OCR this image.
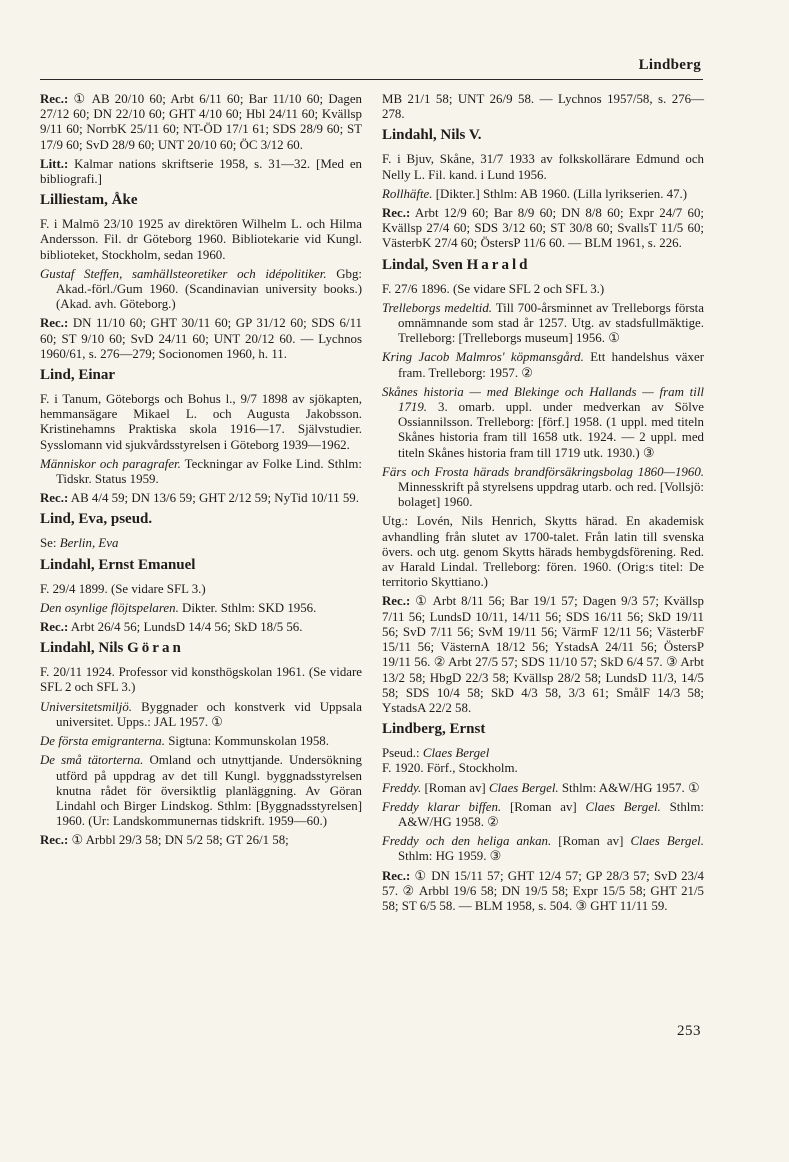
Lindberg

Rec.: ① AB 20/10 60; Arbt 6/11 60; Bar 11/10 60; Dagen 27/12 60; DN 22/10 60; GHT 4/10 60; Hbl 24/11 60; Kvällsp 9/11 60; NorrbK 25/11 60; NT-ÖD 17/1 61; SDS 28/9 60; ST 17/9 60; SvD 28/9 60; UNT 20/10 60; ÖC 3/12 60.

Litt.: Kalmar nations skriftserie 1958, s. 31—32. [Med en bibliografi.]

Lilliestam, Åke

F. i Malmö 23/10 1925 av direktören Wilhelm L. och Hilma Andersson. Fil. dr Göteborg 1960. Bibliotekarie vid Kungl. biblioteket, Stockholm, sedan 1960.

Gustaf Steffen, samhällsteoretiker och idépolitiker. Gbg: Akad.-förl./Gum 1960. (Scandinavian university books.) (Akad. avh. Göteborg.)

Rec.: DN 11/10 60; GHT 30/11 60; GP 31/12 60; SDS 6/11 60; ST 9/10 60; SvD 24/11 60; UNT 20/12 60. — Lychnos 1960/61, s. 276—279; Socionomen 1960, h. 11.

Lind, Einar

F. i Tanum, Göteborgs och Bohus l., 9/7 1898 av sjökapten, hemmansägare Mikael L. och Augusta Jakobsson. Kristinehamns Praktiska skola 1916—17. Självstudier. Sysslomann vid sjukvårdsstyrelsen i Göteborg 1939—1962.

Människor och paragrafer. Teckningar av Folke Lind. Sthlm: Tidskr. Status 1959.

Rec.: AB 4/4 59; DN 13/6 59; GHT 2/12 59; NyTid 10/11 59.

Lind, Eva, pseud.

Se: Berlin, Eva

Lindahl, Ernst Emanuel

F. 29/4 1899. (Se vidare SFL 3.)

Den osynlige flöjtspelaren. Dikter. Sthlm: SKD 1956.

Rec.: Arbt 26/4 56; LundsD 14/4 56; SkD 18/5 56.

Lindahl, Nils Göran

F. 20/11 1924. Professor vid konsthögskolan 1961. (Se vidare SFL 2 och SFL 3.)

Universitetsmiljö. Byggnader och konstverk vid Uppsala universitet. Upps.: JAL 1957. ①

De första emigranterna. Sigtuna: Kommunskolan 1958.

De små tätorterna. Omland och utnyttjande. Undersökning utförd på uppdrag av det till Kungl. byggnadsstyrelsen knutna rådet för översiktlig planläggning. Av Göran Lindahl och Birger Lindskog. Sthlm: [Byggnadsstyrelsen] 1960. (Ur: Landskommunernas tidskrift. 1959—60.)

Rec.: ① Arbbl 29/3 58; DN 5/2 58; GT 26/1 58;

MB 21/1 58; UNT 26/9 58. — Lychnos 1957/58, s. 276—278.

Lindahl, Nils V.

F. i Bjuv, Skåne, 31/7 1933 av folkskollärare Edmund och Nelly L. Fil. kand. i Lund 1956.

Rollhäfte. [Dikter.] Sthlm: AB 1960. (Lilla lyrikserien. 47.)

Rec.: Arbt 12/9 60; Bar 8/9 60; DN 8/8 60; Expr 24/7 60; Kvällsp 27/4 60; SDS 3/12 60; ST 30/8 60; SvallsT 11/5 60; VästerbK 27/4 60; ÖstersP 11/6 60. — BLM 1961, s. 226.

Lindal, Sven Harald

F. 27/6 1896. (Se vidare SFL 2 och SFL 3.)

Trelleborgs medeltid. Till 700-årsminnet av Trelleborgs första omnämnande som stad år 1257. Utg. av stadsfullmäktige. Trelleborg: [Trelleborgs museum] 1956. ①

Kring Jacob Malmros' köpmansgård. Ett handelshus växer fram. Trelleborg: 1957. ②

Skånes historia — med Blekinge och Hallands — fram till 1719. 3. omarb. uppl. under medverkan av Sölve Ossiannilsson. Trelleborg: [förf.] 1958. (1 uppl. med titeln Skånes historia fram till 1658 utk. 1924. — 2 uppl. med titeln Skånes historia fram till 1719 utk. 1930.) ③

Färs och Frosta härads brandförsäkringsbolag 1860—1960. Minnesskrift på styrelsens uppdrag utarb. och red. [Vollsjö: bolaget] 1960.

Utg.: Lovén, Nils Henrich, Skytts härad. En akademisk avhandling från slutet av 1700-talet. Från latin till svenska övers. och utg. genom Skytts härads hembygdsförening. Red. av Harald Lindal. Trelleborg: fören. 1960. (Orig:s titel: De territorio Skyttiano.)

Rec.: ① Arbt 8/11 56; Bar 19/1 57; Dagen 9/3 57; Kvällsp 7/11 56; LundsD 10/11, 14/11 56; SDS 16/11 56; SkD 19/11 56; SvD 7/11 56; SvM 19/11 56; VärmF 12/11 56; VästerbF 15/11 56; VästernA 18/12 56; YstadsA 24/11 56; ÖstersP 19/11 56. ② Arbt 27/5 57; SDS 11/10 57; SkD 6/4 57. ③ Arbt 13/2 58; HbgD 22/3 58; Kvällsp 28/2 58; LundsD 11/3, 14/5 58; SDS 10/4 58; SkD 4/3 58, 3/3 61; SmålF 14/3 58; YstadsA 22/2 58.

Lindberg, Ernst

Pseud.: Claes Bergel

F. 1920. Förf., Stockholm.

Freddy. [Roman av] Claes Bergel. Sthlm: A&W/HG 1957. ①

Freddy klarar biffen. [Roman av] Claes Bergel. Sthlm: A&W/HG 1958. ②

Freddy och den heliga ankan. [Roman av] Claes Bergel. Sthlm: HG 1959. ③

Rec.: ① DN 15/11 57; GHT 12/4 57; GP 28/3 57; SvD 23/4 57. ② Arbbl 19/6 58; DN 19/5 58; Expr 15/5 58; GHT 21/5 58; ST 6/5 58. — BLM 1958, s. 504. ③ GHT 11/11 59.

253
